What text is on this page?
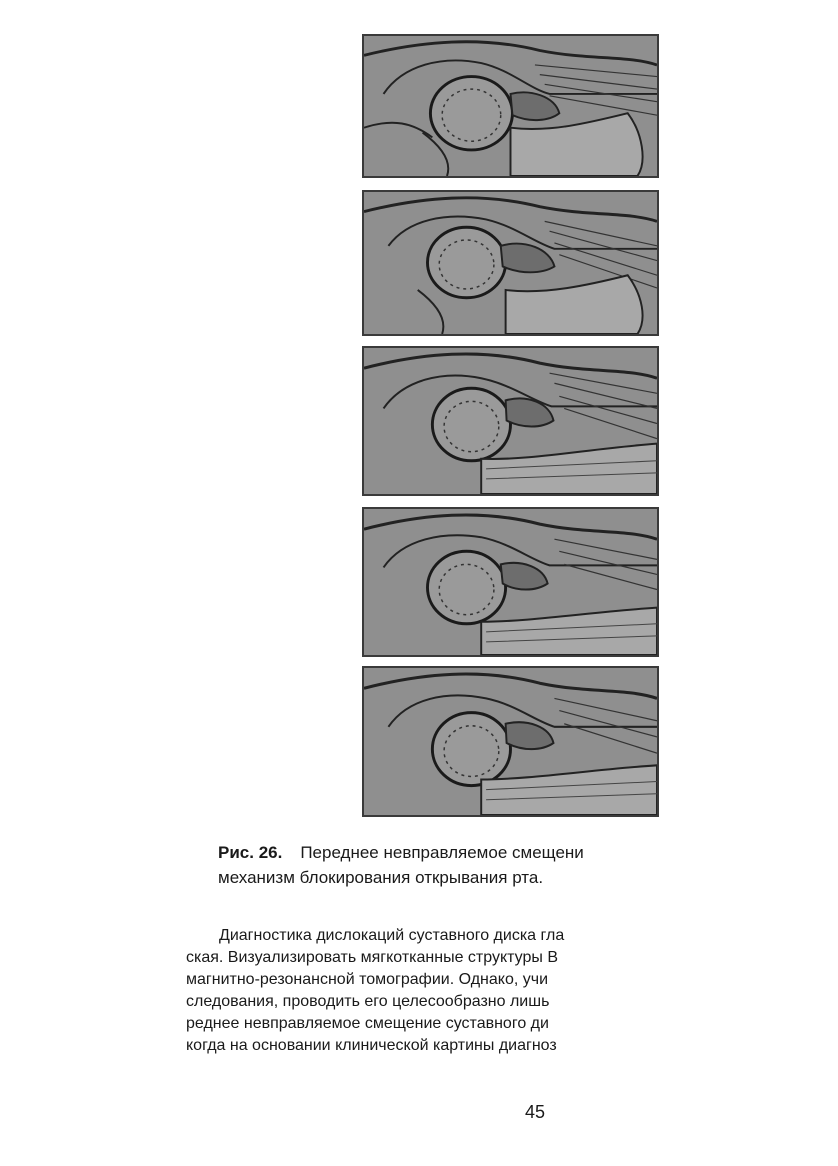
Рис. 26. Переднее невправляемое смещени
механизм блокирования открывания рта.
Диагностика дислокаций суставного диска гла
ская. Визуализировать мягкотканные структуры В
магнитно-резонансной томографии. Однако, учи
следования, проводить его целесообразно лишь
реднее невправляемое смещение суставного ди
когда на основании клинической картины диагноз
45
